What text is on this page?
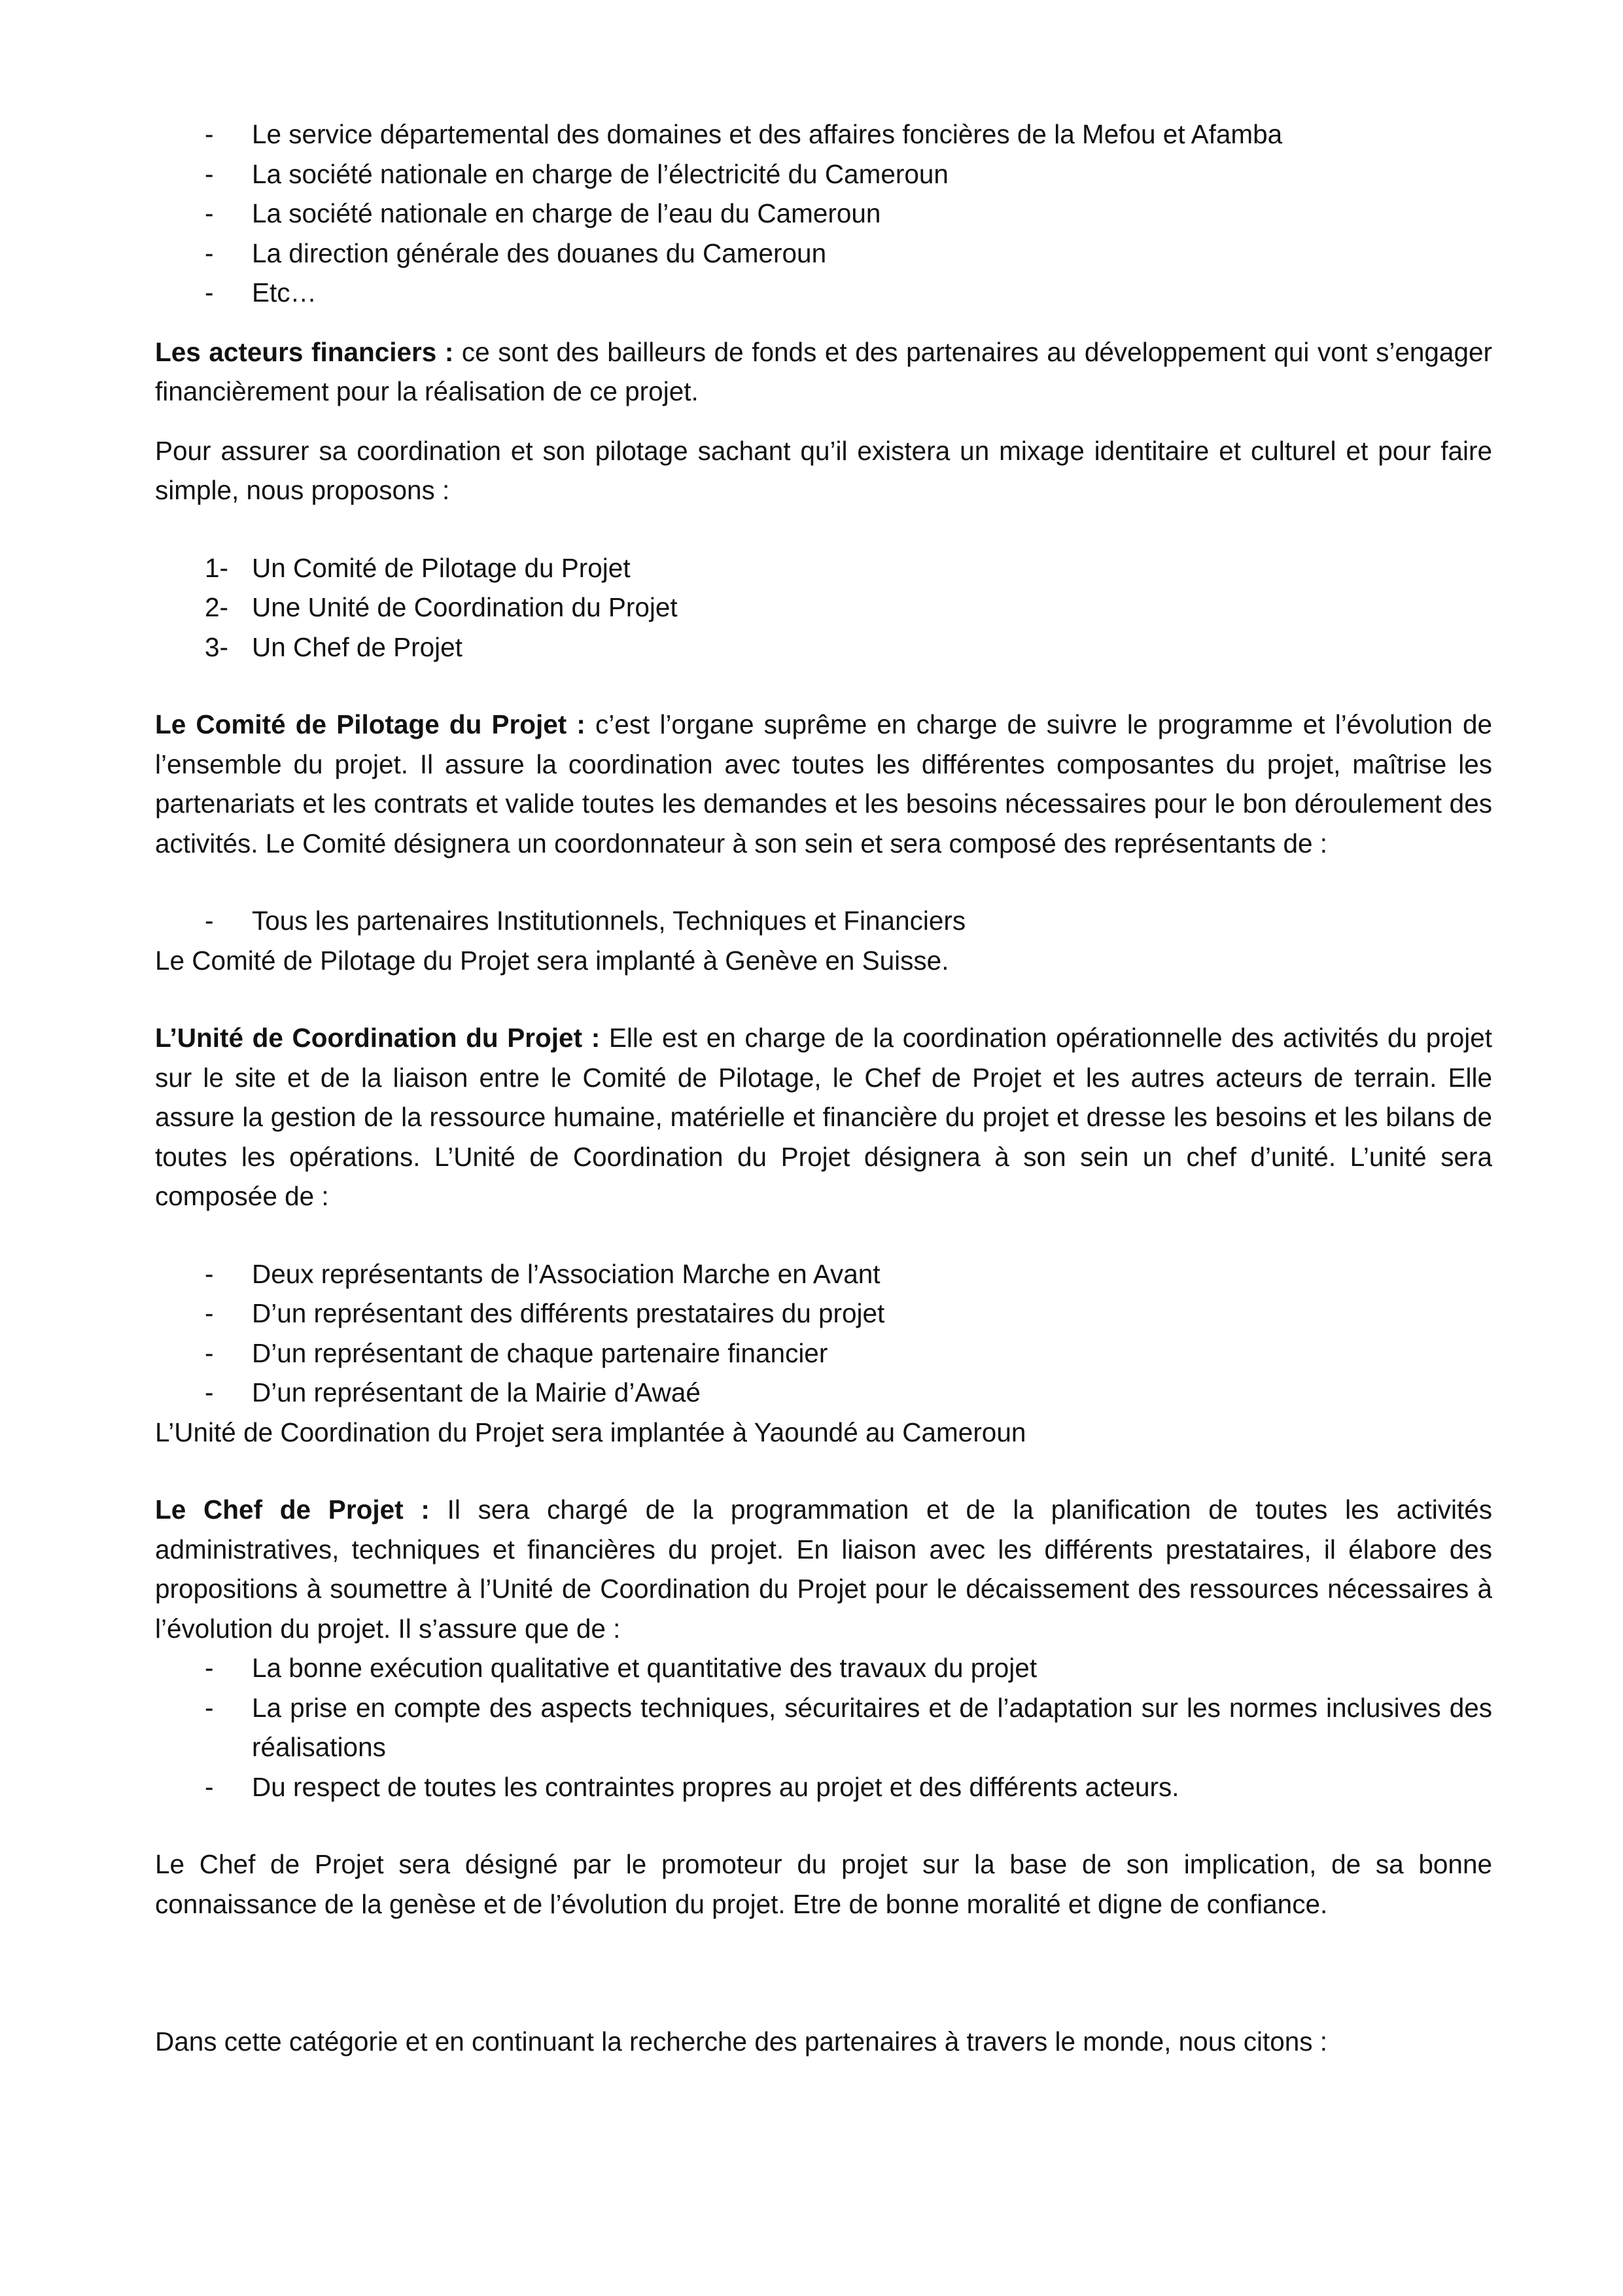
- Le service départemental des domaines et des affaires foncières de la Mefou et Afamba
- La société nationale en charge de l’électricité du Cameroun
- La société nationale en charge de l’eau du Cameroun
- La direction générale des douanes du Cameroun
- Etc…

Les acteurs financiers : ce sont des bailleurs de fonds et des partenaires au développement qui vont s’engager financièrement pour la réalisation de ce projet.

Pour assurer sa coordination et son pilotage sachant qu’il existera un mixage identitaire et culturel et pour faire simple, nous proposons :

1- Un Comité de Pilotage du Projet
2- Une Unité de Coordination du Projet
3- Un Chef de Projet

Le Comité de Pilotage du Projet : c’est l’organe suprême en charge de suivre le programme et l’évolution de l’ensemble du projet. Il assure la coordination avec toutes les différentes composantes du projet, maîtrise les partenariats et les contrats et valide toutes les demandes et les besoins nécessaires pour le bon déroulement des activités. Le Comité désignera un coordonnateur à son sein et sera composé des représentants de :

- Tous les partenaires Institutionnels, Techniques et Financiers

Le Comité de Pilotage du Projet sera implanté à Genève en Suisse.

L’Unité de Coordination du Projet : Elle est en charge de la coordination opérationnelle des activités du projet sur le site et de la liaison entre le Comité de Pilotage, le Chef de Projet et les autres acteurs de terrain. Elle assure la gestion de la ressource humaine, matérielle et financière du projet et dresse les besoins et les bilans de toutes les opérations. L’Unité de Coordination du Projet désignera à son sein un chef d’unité. L’unité sera composée de :

- Deux représentants de l’Association Marche en Avant
- D’un représentant des différents prestataires du projet
- D’un représentant de chaque partenaire financier
- D’un représentant de la Mairie d’Awaé

L’Unité de Coordination du Projet sera implantée à Yaoundé au Cameroun

Le Chef de Projet : Il sera chargé de la programmation et de la planification de toutes les activités administratives, techniques et financières du projet. En liaison avec les différents prestataires, il élabore des propositions à soumettre à l’Unité de Coordination du Projet pour le décaissement des ressources nécessaires à l’évolution du projet. Il s’assure que de :

- La bonne exécution qualitative et quantitative des travaux du projet
- La prise en compte des aspects techniques, sécuritaires et de l’adaptation sur les normes inclusives des réalisations
- Du respect de toutes les contraintes propres au projet et des différents acteurs.

Le Chef de Projet sera désigné par le promoteur du projet sur la base de son implication, de sa bonne connaissance de la genèse et de l’évolution du projet. Etre de bonne moralité et digne de confiance.

Dans cette catégorie et en continuant la recherche des partenaires à travers le monde, nous citons :
